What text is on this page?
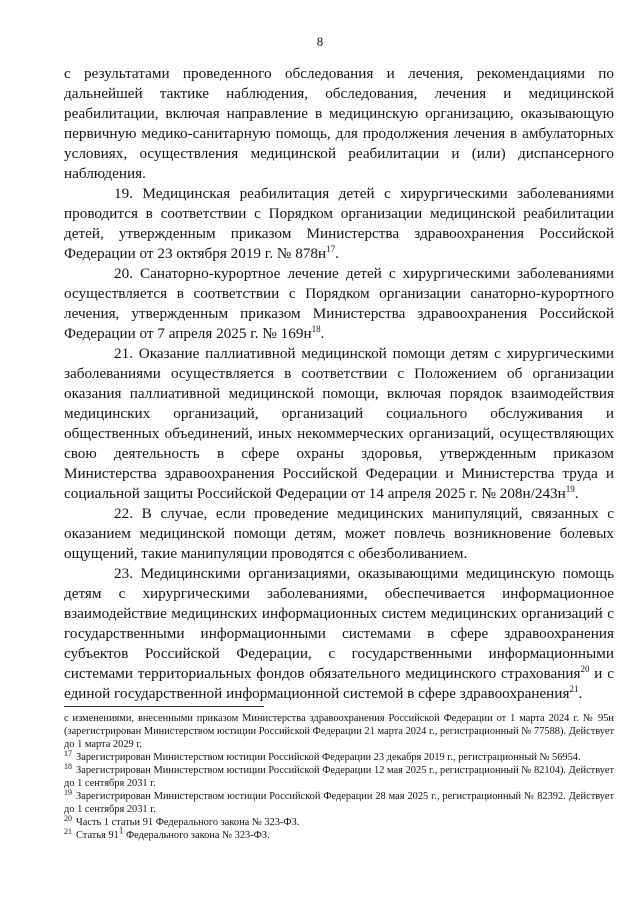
8

с результатами проведенного обследования и лечения, рекомендациями по дальнейшей тактике наблюдения, обследования, лечения и медицинской реабилитации, включая направление в медицинскую организацию, оказывающую первичную медико-санитарную помощь, для продолжения лечения в амбулаторных условиях, осуществления медицинской реабилитации и (или) диспансерного наблюдения.

19. Медицинская реабилитация детей с хирургическими заболеваниями проводится в соответствии с Порядком организации медицинской реабилитации детей, утвержденным приказом Министерства здравоохранения Российской Федерации от 23 октября 2019 г. № $878н^{17}$.

20. Санаторно-курортное лечение детей с хирургическими заболеваниями осуществляется в соответствии с Порядком организации санаторно-курортного лечения, утвержденным приказом Министерства здравоохранения Российской Федерации от 7 апреля 2025 г. № $169н^{18}$.

21. Оказание паллиативной медицинской помощи детям с хирургическими заболеваниями осуществляется в соответствии с Положением об организации оказания паллиативной медицинской помощи, включая порядок взаимодействия медицинских организаций, организаций социального обслуживания и общественных объединений, иных некоммерческих организаций, осуществляющих свою деятельность в сфере охраны здоровья, утвержденным приказом Министерства здравоохранения Российской Федерации и Министерства труда и социальной защиты Российской Федерации от 14 апреля 2025 г. № $208н/243н^{19}$.

22. В случае, если проведение медицинских манипуляций, связанных с оказанием медицинской помощи детям, может повлечь возникновение болевых ощущений, такие манипуляции проводятся с обезболиванием.

23. Медицинскими организациями, оказывающими медицинскую помощь детям с хирургическими заболеваниями, обеспечивается информационное взаимодействие медицинских информационных систем медицинских организаций с государственными информационными системами в сфере здравоохранения субъектов Российской Федерации, с государственными информационными системами территориальных фондов обязательного медицинского страхования$^{20}$ и с единой государственной информационной системой в сфере здравоохранения$^{21}$.

с изменениями, внесенными приказом Министерства здравоохранения Российской Федерации от 1 марта 2024 г. № 95н (зарегистрирован Министерством юстиции Российской Федерации 21 марта 2024 г., регистрационный № 77588). Действует до 1 марта 2029 г.

$^{17}$ Зарегистрирован Министерством юстиции Российской Федерации 23 декабря 2019 г., регистрационный № 56954.

$^{18}$ Зарегистрирован Министерством юстиции Российской Федерации 12 мая 2025 г., регистрационный № 82104). Действует до 1 сентября 2031 г.

$^{19}$ Зарегистрирован Министерством юстиции Российской Федерации 28 мая 2025 г., регистрационный № 82392. Действует до 1 сентября 2031 г.

$^{20}$ Часть 1 статьи 91 Федерального закона № 323-ФЗ.

$^{21}$ Статья $91^1$ Федерального закона № 323-ФЗ.
